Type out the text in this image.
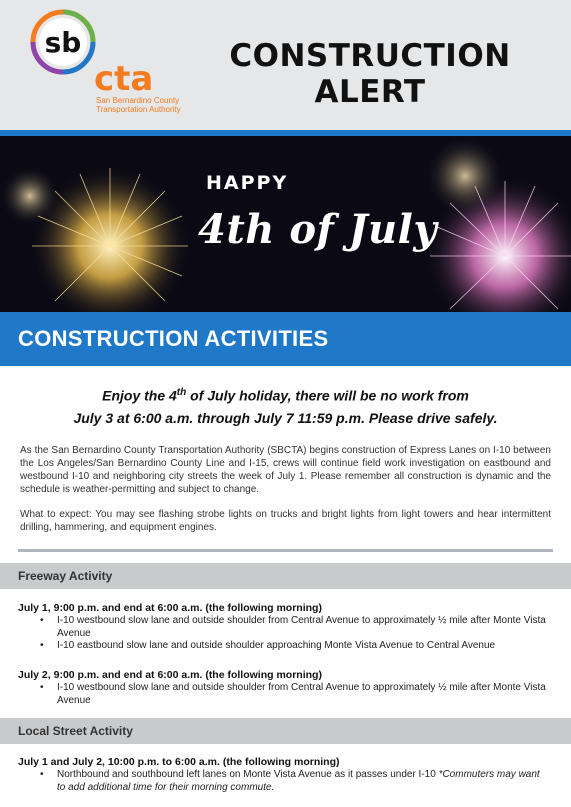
sb
cta
San Bernardino County
Transportation Authority
CONSTRUCTION
ALERT
HAPPY
4th of July
CONSTRUCTION ACTIVITIES
Enjoy the 4th of July holiday, there will be no work from
July 3 at 6:00 a.m. through July 7 11:59 p.m. Please drive safely.
As the San Bernardino County Transportation Authority (SBCTA) begins construction of Express Lanes on I-10 between the Los Angeles/San Bernardino County Line and I-15, crews will continue field work investigation on eastbound and westbound I-10 and neighboring city streets the week of July 1. Please remember all construction is dynamic and the schedule is weather-permitting and subject to change.
What to expect: You may see flashing strobe lights on trucks and bright lights from light towers and hear intermittent drilling, hammering, and equipment engines.
Freeway Activity
July 1, 9:00 p.m. and end at 6:00 a.m. (the following morning)
• I-10 westbound slow lane and outside shoulder from Central Avenue to approximately ½ mile after Monte Vista Avenue
• I-10 eastbound slow lane and outside shoulder approaching Monte Vista Avenue to Central Avenue
July 2, 9:00 p.m. and end at 6:00 a.m. (the following morning)
• I-10 westbound slow lane and outside shoulder from Central Avenue to approximately ½ mile after Monte Vista Avenue
Local Street Activity
July 1 and July 2, 10:00 p.m. to 6:00 a.m. (the following morning)
• Northbound and southbound left lanes on Monte Vista Avenue as it passes under I-10 *Commuters may want to add additional time for their morning commute.
